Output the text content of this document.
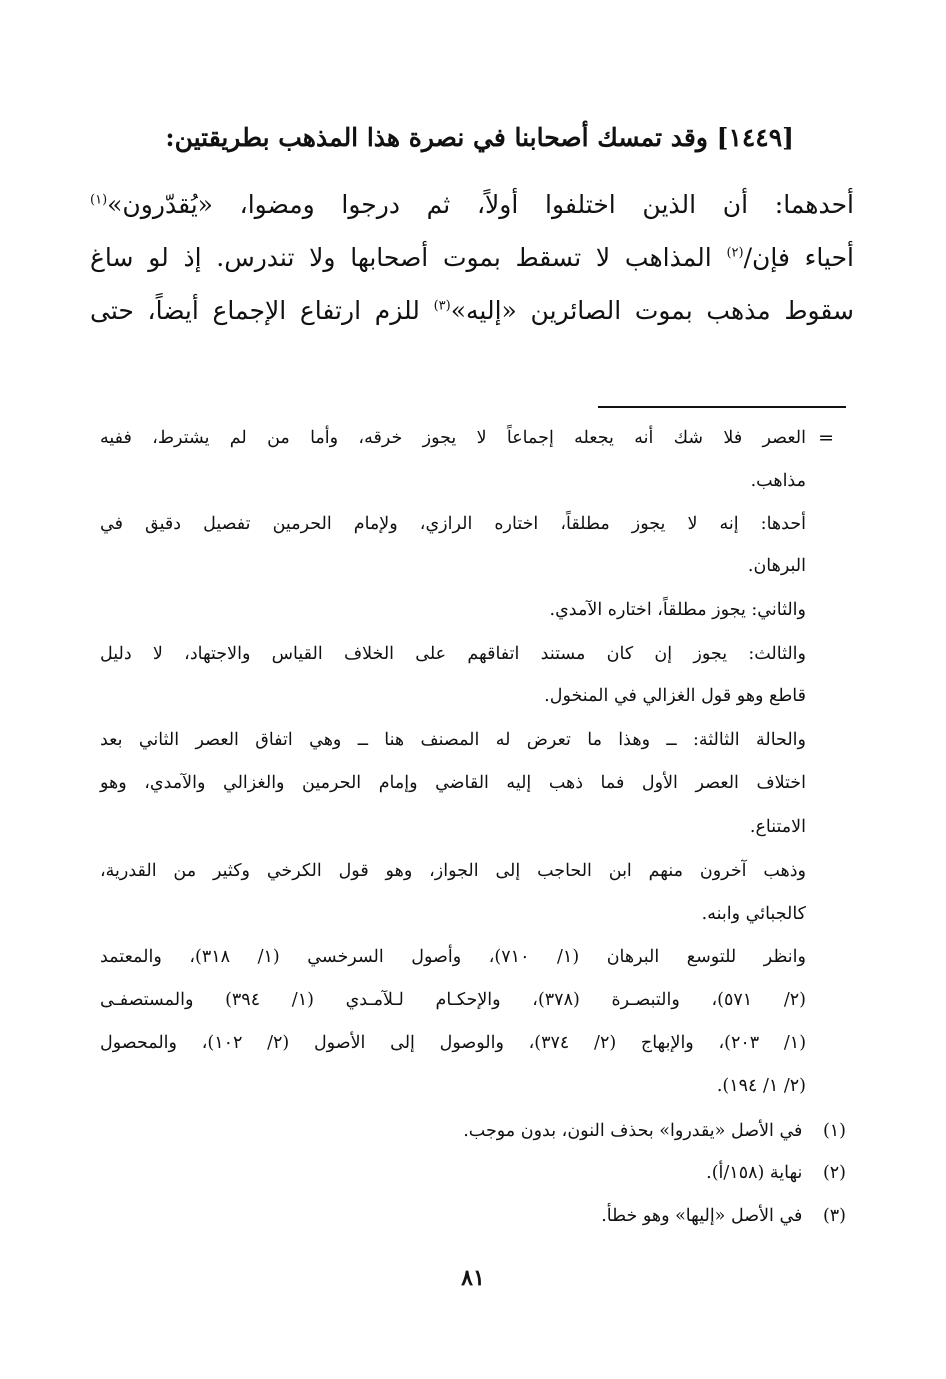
[١٤٤٩] وقد تمسك أصحابنا في نصرة هذا المذهب بطريقتين:
أحدهما: أن الذين اختلفوا أولاً، ثم درجوا ومضوا، «يُقدّرون»$^{(١)}$
أحياء فإن/$^{(٢)}$ المذاهب لا تسقط بموت أصحابها ولا تندرس. إذ لو ساغ
سقوط مذهب بموت الصائرين «إليه»$^{(٣)}$ للزم ارتفاع الإجماع أيضاً، حتى
=
العصر فلا شك أنه يجعله إجماعاً لا يجوز خرقه، وأما من لم يشترط، ففيه
مذاهب.
أحدها: إنه لا يجوز مطلقاً، اختاره الرازي، ولإمام الحرمين تفصيل دقيق في
البرهان.
والثاني: يجوز مطلقاً، اختاره الآمدي.
والثالث: يجوز إن كان مستند اتفاقهم على الخلاف القياس والاجتهاد، لا دليل
قاطع وهو قول الغزالي في المنخول.
والحالة الثالثة: ــ وهذا ما تعرض له المصنف هنا ــ وهي اتفاق العصر الثاني بعد
اختلاف العصر الأول فما ذهب إليه القاضي وإمام الحرمين والغزالي والآمدي، وهو
الامتناع.
وذهب آخرون منهم ابن الحاجب إلى الجواز، وهو قول الكرخي وكثير من القدرية،
كالجبائي وابنه.
وانظر للتوسع البرهان (١/ ٧١٠)، وأصول السرخسي (١/ ٣١٨)، والمعتمد
(٢/ ٥٧١)، والتبصـرة (٣٧٨)، والإحكـام لـلآمـدي (١/ ٣٩٤) والمستصفـى
(١/ ٢٠٣)، والإبهاج (٢/ ٣٧٤)، والوصول إلى الأصول (٢/ ١٠٢)، والمحصول
(٢/ ١/ ١٩٤).
(١) في الأصل «يقدروا» بحذف النون، بدون موجب.
(٢) نهاية (١٥٨/أ).
(٣) في الأصل «إليها» وهو خطأ.
٨١
